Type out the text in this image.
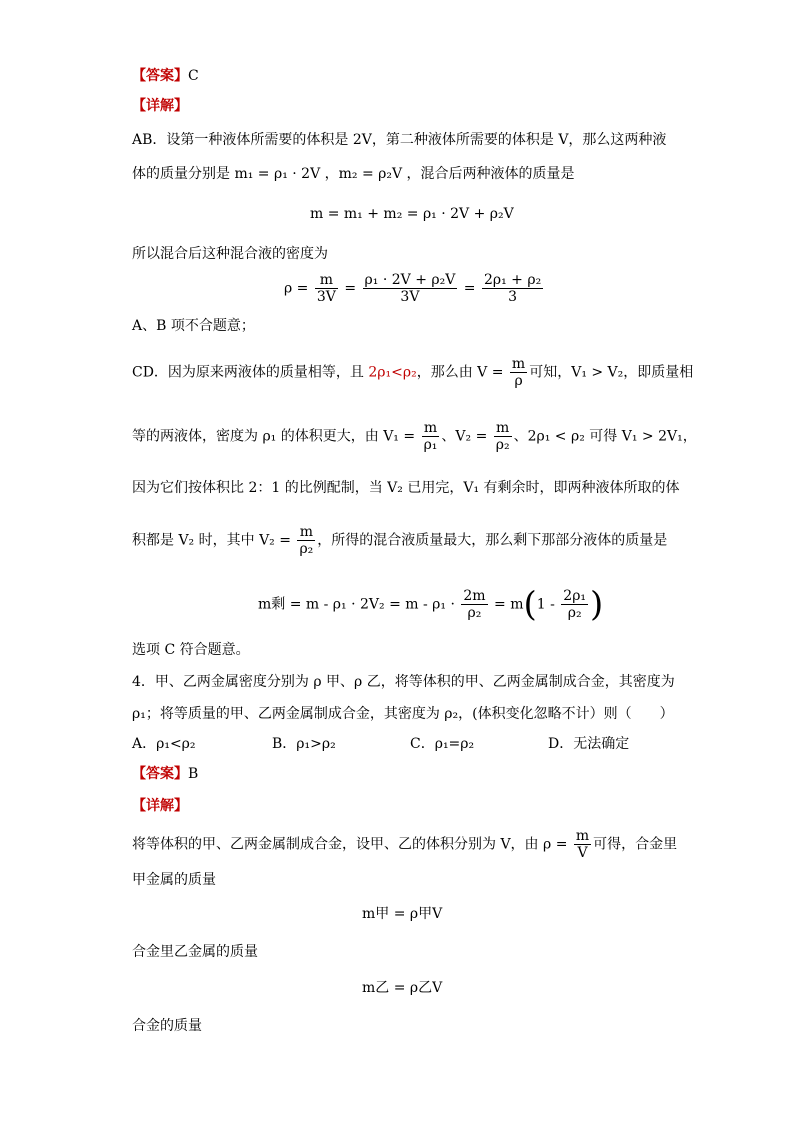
【答案】C
【详解】
AB．设第一种液体所需要的体积是 2V，第二种液体所需要的体积是 V，那么这两种液
体的质量分别是 m₁ = ρ₁ · 2V ，m₂ = ρ₂V ，混合后两种液体的质量是
m = m₁ + m₂ = ρ₁ · 2V + ρ₂V
所以混合后这种混合液的密度为
$\rho = \frac{m}{3V} = \frac{\text{ρ₁ · 2V + ρ₂V}}{3V} = \frac{\text{2ρ₁ + ρ₂}}{3}$
A、B 项不合题意；
CD．因为原来两液体的质量相等，且 2ρ₁<ρ₂，那么由 $V = \frac{m}{\rho}$ 可知，V₁ > V₂，即质量相
等的两液体，密度为 ρ₁ 的体积更大，由 $V_1 = \frac{m}{\text{ρ₁}}$ 、$V_2 = \frac{m}{\text{ρ₂}}$ 、2ρ₁ < ρ₂ 可得 V₁ > 2V₁，
因为它们按体积比 2：1 的比例配制，当 V₂ 已用完，V₁ 有剩余时，即两种液体所取的体
积都是 V₂ 时，其中 $V_2 = \frac{m}{\text{ρ₂}}$ ，所得的混合液质量最大，那么剩下那部分液体的质量是
m剩 = $m - \rho_1 \cdot 2V_2 = m - \rho_1 \cdot \frac{2m}{\text{ρ₂}} = m(1 - \frac{\text{2ρ₁}}{\text{ρ₂}}$ )
选项 C 符合题意。
4．甲、乙两金属密度分别为 ρ 甲、ρ 乙，将等体积的甲、乙两金属制成合金，其密度为
ρ₁；将等质量的甲、乙两金属制成合金，其密度为 ρ₂，(体积变化忽略不计）则（　　）
A．ρ₁<ρ₂	B．ρ₁>ρ₂	C．ρ₁=ρ₂	D．无法确定
【答案】B
【详解】
将等体积的甲、乙两金属制成合金，设甲、乙的体积分别为 V，由 $\rho = \frac{m}{V}$ 可得，合金里
甲金属的质量
m甲 = ρ甲V
合金里乙金属的质量
m乙 = ρ乙V
合金的质量
